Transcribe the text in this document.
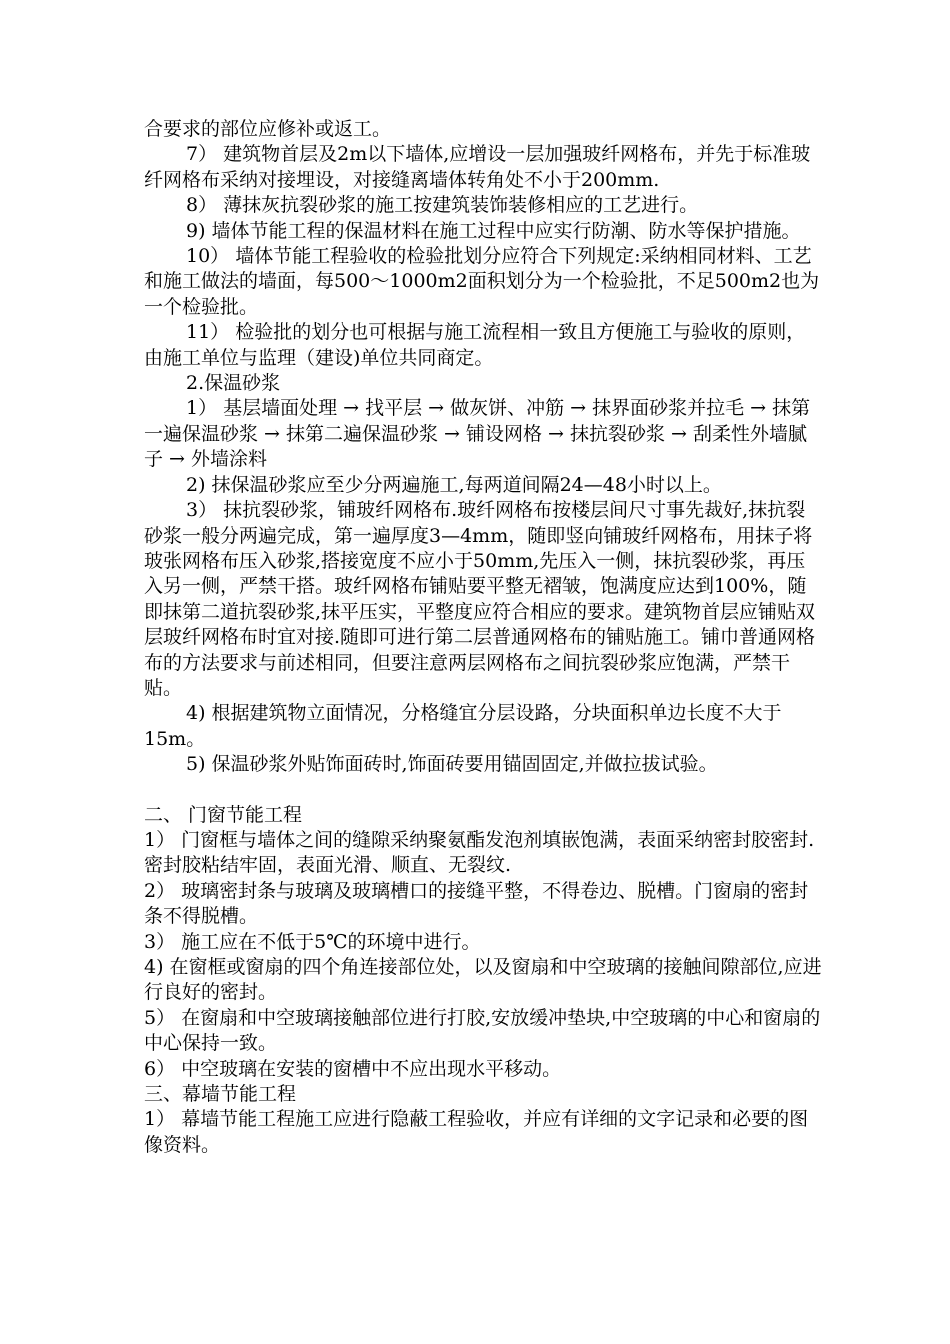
合要求的部位应修补或返工。

7） 建筑物首层及2m以下墙体,应增设一层加强玻纤网格布，并先于标准玻纤网格布采纳对接埋设，对接缝离墙体转角处不小于200mm.

8） 薄抹灰抗裂砂浆的施工按建筑装饰装修相应的工艺进行。

9) 墙体节能工程的保温材料在施工过程中应实行防潮、防水等保护措施。

10） 墙体节能工程验收的检验批划分应符合下列规定:采纳相同材料、工艺和施工做法的墙面，每500～1000m2面积划分为一个检验批，不足500m2也为一个检验批。

11） 检验批的划分也可根据与施工流程相一致且方便施工与验收的原则，由施工单位与监理（建设)单位共同商定。

2.保温砂浆

1） 基层墙面处理 → 找平层 → 做灰饼、冲筋 → 抹界面砂浆并拉毛 → 抹第一遍保温砂浆 → 抹第二遍保温砂浆 → 铺设网格 → 抹抗裂砂浆 → 刮柔性外墙腻子 → 外墙涂料

2) 抹保温砂浆应至少分两遍施工,每两道间隔24—48小时以上。

3） 抹抗裂砂浆，铺玻纤网格布.玻纤网格布按楼层间尺寸事先裁好,抹抗裂砂浆一般分两遍完成，第一遍厚度3—4mm，随即竖向铺玻纤网格布，用抹子将玻张网格布压入砂浆,搭接宽度不应小于50mm,先压入一侧，抹抗裂砂浆，再压入另一侧，严禁干搭。玻纤网格布铺贴要平整无褶皱，饱满度应达到100%，随即抹第二道抗裂砂浆,抹平压实，平整度应符合相应的要求。建筑物首层应铺贴双层玻纤网格布时宜对接.随即可进行第二层普通网格布的铺贴施工。铺巾普通网格布的方法要求与前述相同，但要注意两层网格布之间抗裂砂浆应饱满，严禁干贴。

4) 根据建筑物立面情况，分格缝宜分层设路，分块面积单边长度不大于15m。

5) 保温砂浆外贴饰面砖时,饰面砖要用锚固固定,并做拉拔试验。

二、 门窗节能工程

1） 门窗框与墙体之间的缝隙采纳聚氨酯发泡剂填嵌饱满，表面采纳密封胶密封.密封胶粘结牢固，表面光滑、顺直、无裂纹.

2） 玻璃密封条与玻璃及玻璃槽口的接缝平整，不得卷边、脱槽。门窗扇的密封条不得脱槽。

3） 施工应在不低于5℃的环境中进行。

4) 在窗框或窗扇的四个角连接部位处，以及窗扇和中空玻璃的接触间隙部位,应进行良好的密封。

5） 在窗扇和中空玻璃接触部位进行打胶,安放缓冲垫块,中空玻璃的中心和窗扇的中心保持一致。

6） 中空玻璃在安装的窗槽中不应出现水平移动。

三、幕墙节能工程

1） 幕墙节能工程施工应进行隐蔽工程验收，并应有详细的文字记录和必要的图像资料。
